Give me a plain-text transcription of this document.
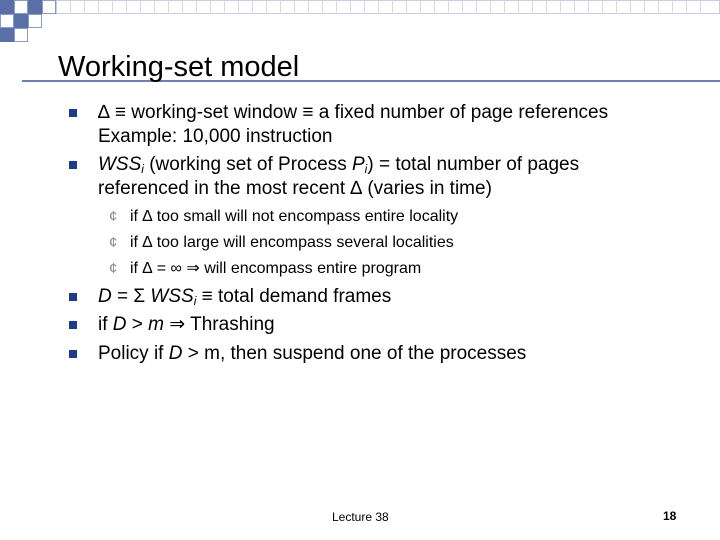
Working-set model
∆ ≡ working-set window ≡ a fixed number of page references
Example: 10,000 instruction
$WSS_i$ (working set of Process $P_i$) = total number of pages
referenced in the most recent ∆ (varies in time)
¢ if ∆ too small will not encompass entire locality
¢ if ∆ too large will encompass several localities
¢ if ∆ = ∞ ⇒ will encompass entire program
D = Σ $WSS_i$ ≡ total demand frames
if D > m ⇒ Thrashing
Policy if D > m, then suspend one of the processes
Lecture 38	18
